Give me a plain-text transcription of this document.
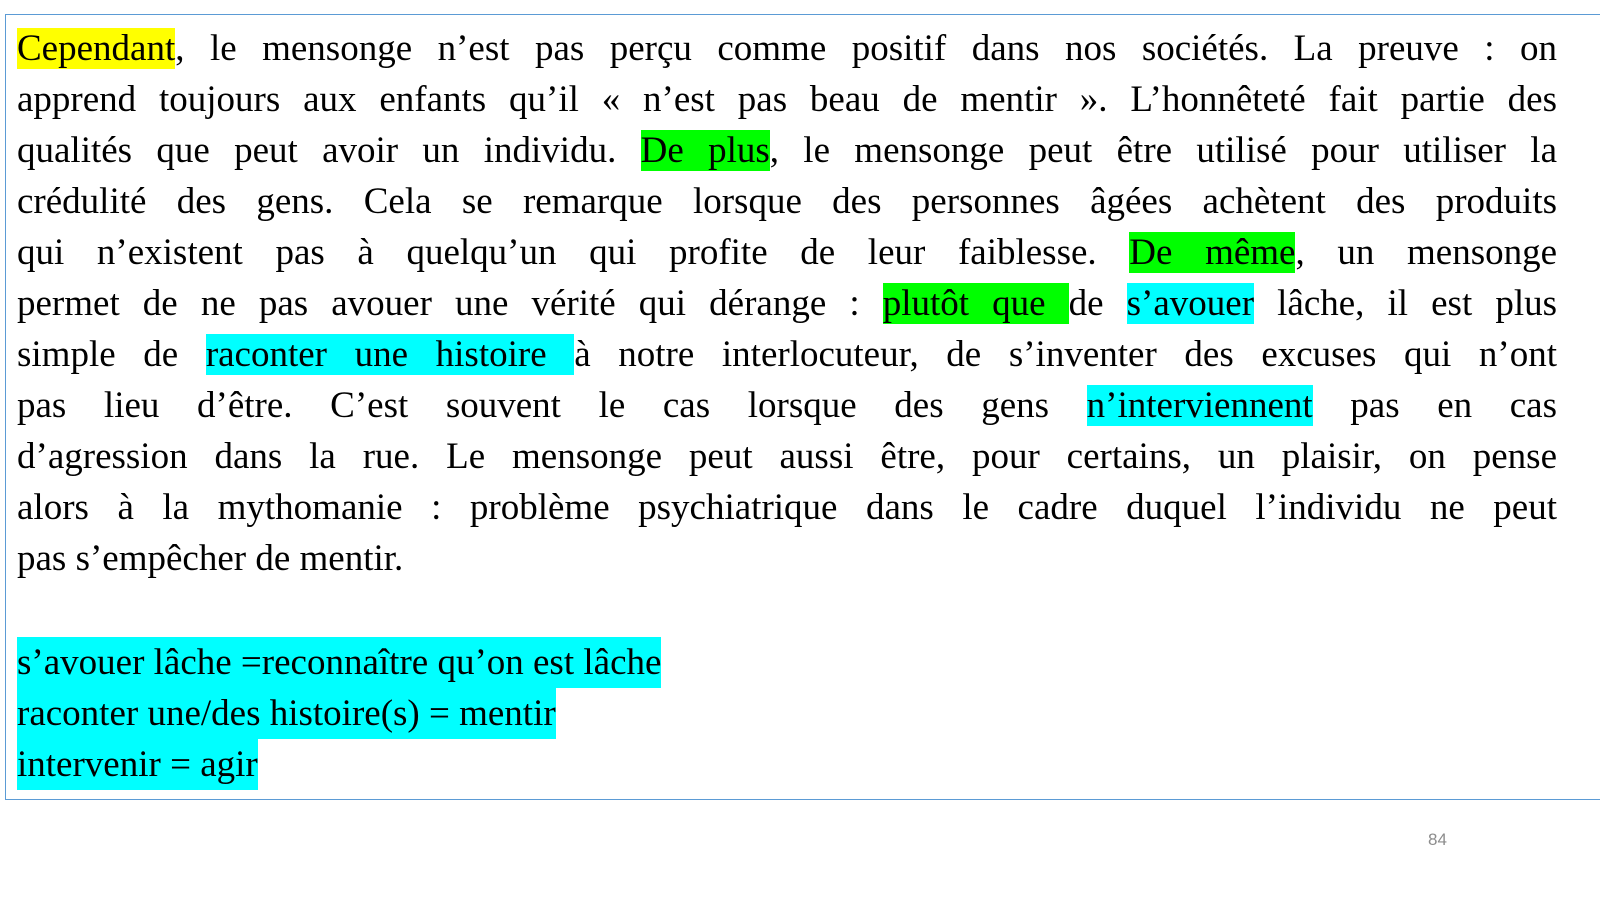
Cependant, le mensonge n’est pas perçu comme positif dans nos sociétés. La preuve : on
apprend toujours aux enfants qu’il « n’est pas beau de mentir ». L’honnêteté fait partie des
qualités que peut avoir un individu. De plus, le mensonge peut être utilisé pour utiliser la
crédulité des gens. Cela se remarque lorsque des personnes âgées achètent des produits
qui n’existent pas à quelqu’un qui profite de leur faiblesse. De même, un mensonge
permet de ne pas avouer une vérité qui dérange : plutôt que de s’avouer lâche, il est plus
simple de raconter une histoire à notre interlocuteur, de s’inventer des excuses qui n’ont
pas lieu d’être. C’est souvent le cas lorsque des gens n’interviennent pas en cas
d’agression dans la rue. Le mensonge peut aussi être, pour certains, un plaisir, on pense
alors à la mythomanie : problème psychiatrique dans le cadre duquel l’individu ne peut
pas s’empêcher de mentir.
s’avouer lâche =reconnaître qu’on est lâche
raconter une/des histoire(s) = mentir
intervenir = agir
84
